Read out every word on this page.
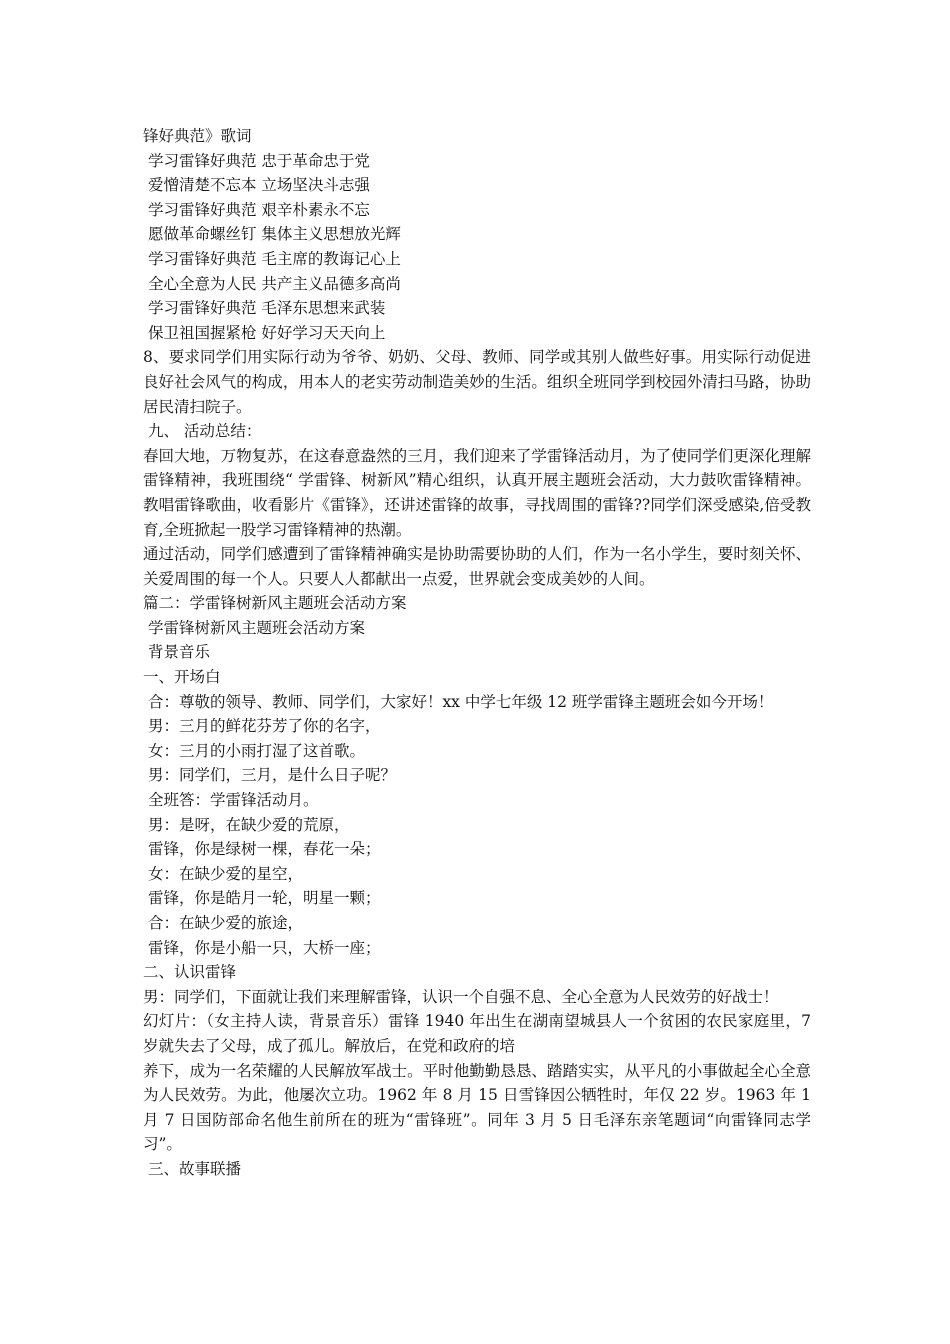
锋好典范》歌词
学习雷锋好典范 忠于革命忠于党
爱憎清楚不忘本 立场坚决斗志强
学习雷锋好典范 艰辛朴素永不忘
愿做革命螺丝钉 集体主义思想放光辉
学习雷锋好典范 毛主席的教诲记心上
全心全意为人民 共产主义品德多高尚
学习雷锋好典范 毛泽东思想来武装
保卫祖国握紧枪 好好学习天天向上
8、要求同学们用实际行动为爷爷、奶奶、父母、教师、同学或其别人做些好事。用实际行动促进良好社会风气的构成，用本人的老实劳动制造美妙的生活。组织全班同学到校园外清扫马路，协助居民清扫院子。
九、 活动总结：
春回大地，万物复苏，在这春意盎然的三月，我们迎来了学雷锋活动月，为了使同学们更深化理解雷锋精神，我班围绕“ 学雷锋、树新风”精心组织，认真开展主题班会活动，大力鼓吹雷锋精神。教唱雷锋歌曲，收看影片《雷锋》，还讲述雷锋的故事，寻找周围的雷锋??同学们深受感染,倍受教育,全班掀起一股学习雷锋精神的热潮。
通过活动，同学们感遭到了雷锋精神确实是协助需要协助的人们，作为一名小学生，要时刻关怀、关爱周围的每一个人。只要人人都献出一点爱，世界就会变成美妙的人间。
篇二：学雷锋树新风主题班会活动方案
学雷锋树新风主题班会活动方案
背景音乐
一、开场白
合：尊敬的领导、教师、同学们，大家好！xx 中学七年级 12 班学雷锋主题班会如今开场！
男：三月的鲜花芬芳了你的名字，
女：三月的小雨打湿了这首歌。
男：同学们，三月，是什么日子呢？
全班答：学雷锋活动月。
男：是呀，在缺少爱的荒原，
雷锋，你是绿树一棵，春花一朵；
女：在缺少爱的星空，
雷锋，你是皓月一轮，明星一颗；
合：在缺少爱的旅途，
雷锋，你是小船一只，大桥一座；
二、认识雷锋
男：同学们，下面就让我们来理解雷锋，认识一个自强不息、全心全意为人民效劳的好战士！
幻灯片：（女主持人读，背景音乐）雷锋 1940 年出生在湖南望城县人一个贫困的农民家庭里，7 岁就失去了父母，成了孤儿。解放后，在党和政府的培
养下，成为一名荣耀的人民解放军战士。平时他勤勤恳恳、踏踏实实，从平凡的小事做起全心全意为人民效劳。为此，他屡次立功。1962 年 8 月 15 日雪锋因公牺牲时，年仅 22 岁。1963 年 1 月 7 日国防部命名他生前所在的班为“雷锋班”。同年 3 月 5 日毛泽东亲笔题词“向雷锋同志学习”。
三、故事联播
